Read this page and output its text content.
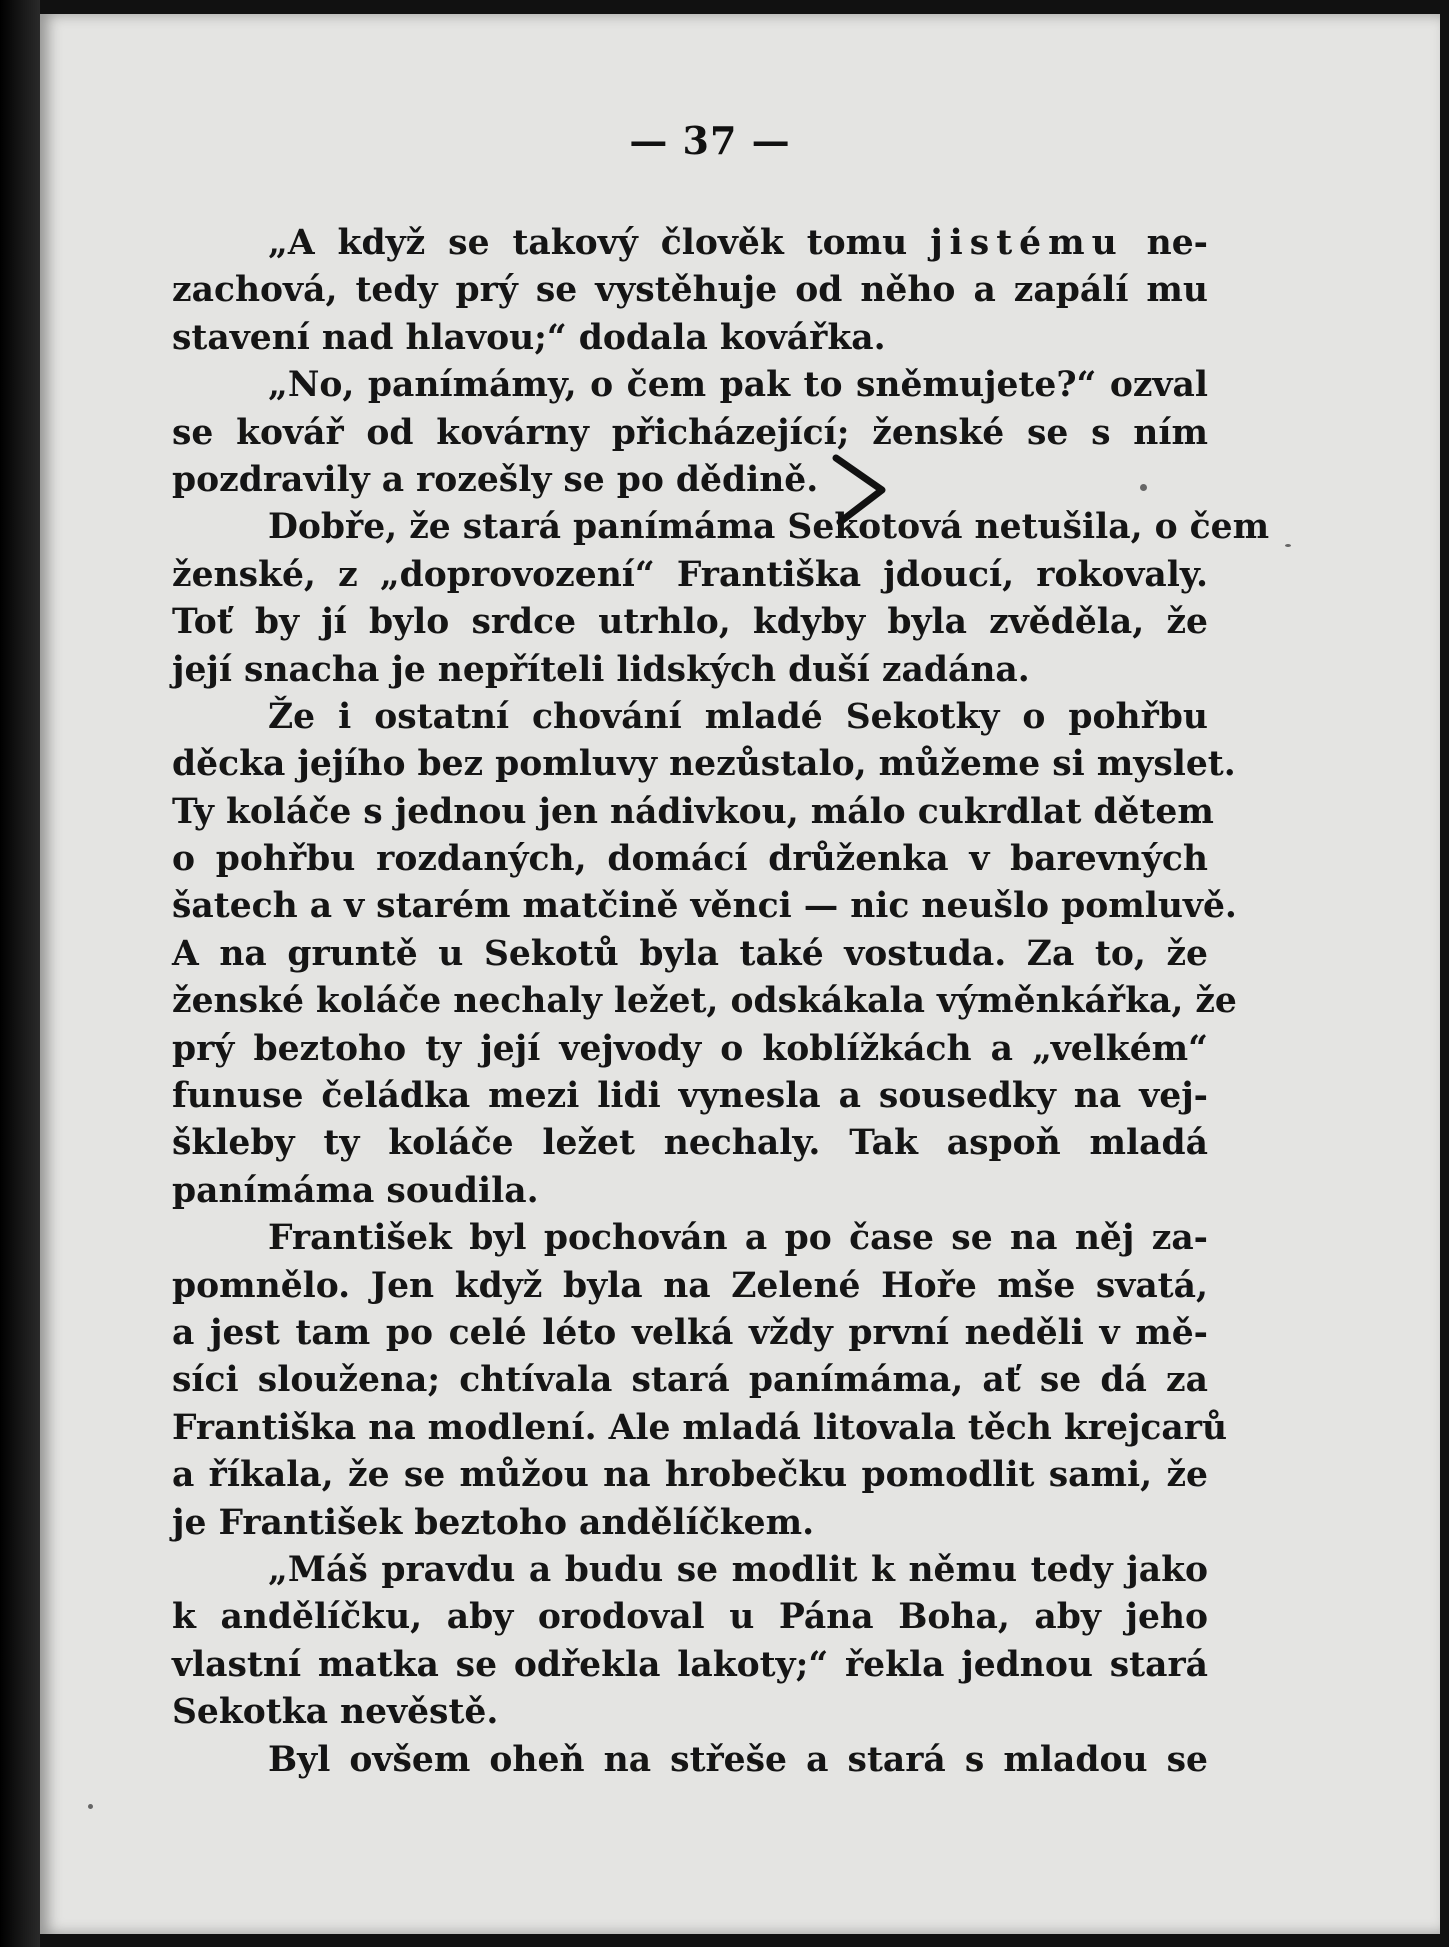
— 37 —
„A když se takový člověk tomu jistému ne-
zachová, tedy prý se vystěhuje od něho a zapálí mu
stavení nad hlavou;“ dodala kovářka.
„No, panímámy, o čem pak to sněmujete?“ ozval
se kovář od kovárny přicházející; ženské se s ním
pozdravily a rozešly se po dědině.
Dobře, že stará panímáma Sekotová netušila, o čem
ženské, z „doprovození“ Františka jdoucí, rokovaly.
Toť by jí bylo srdce utrhlo, kdyby byla zvěděla, že
její snacha je nepříteli lidských duší zadána.
Že i ostatní chování mladé Sekotky o pohřbu
děcka jejího bez pomluvy nezůstalo, můžeme si myslet.
Ty koláče s jednou jen nádivkou, málo cukrdlat dětem
o pohřbu rozdaných, domácí drůženka v barevných
šatech a v starém matčině věnci — nic neušlo pomluvě.
A na gruntě u Sekotů byla také vostuda. Za to, že
ženské koláče nechaly ležet, odskákala výměnkářka, že
prý beztoho ty její vejvody o koblížkách a „velkém“
funuse čeládka mezi lidi vynesla a sousedky na vej-
škleby ty koláče ležet nechaly. Tak aspoň mladá
panímáma soudila.
František byl pochován a po čase se na něj za-
pomnělo. Jen když byla na Zelené Hoře mše svatá,
a jest tam po celé léto velká vždy první neděli v mě-
síci sloužena; chtívala stará panímáma, ať se dá za
Františka na modlení. Ale mladá litovala těch krejcarů
a říkala, že se můžou na hrobečku pomodlit sami, že
je František beztoho andělíčkem.
„Máš pravdu a budu se modlit k němu tedy jako
k andělíčku, aby orodoval u Pána Boha, aby jeho
vlastní matka se odřekla lakoty;“ řekla jednou stará
Sekotka nevěstě.
Byl ovšem oheň na střeše a stará s mladou se
